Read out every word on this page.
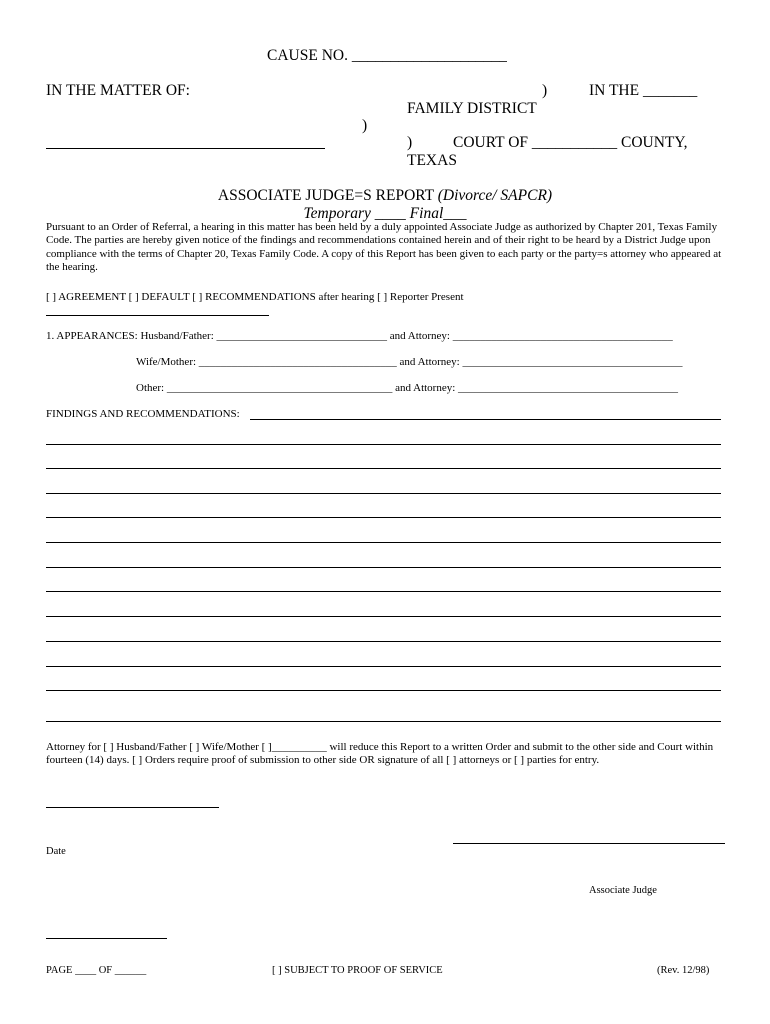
CAUSE NO. ____________________
IN THE MATTER OF:	)	IN THE _______
FAMILY DISTRICT
)
)	COURT OF ___________ COUNTY,
TEXAS
ASSOCIATE JUDGE=S REPORT (Divorce/ SAPCR)
Temporary ____ Final___
Pursuant to an Order of Referral, a hearing in this matter has been held by a duly appointed Associate Judge as authorized by Chapter 201, Texas Family Code. The parties are hereby given notice of the findings and recommendations contained herein and of their right to be heard by a District Judge upon compliance with the terms of Chapter 20, Texas Family Code. A copy of this Report has been given to each party or the party=s attorney who appeared at the hearing.
[ ] AGREEMENT [ ] DEFAULT [ ] RECOMMENDATIONS after hearing [ ] Reporter Present
1. APPEARANCES: Husband/Father: _______________________________ and Attorney: ________________________________________
Wife/Mother: ____________________________________ and Attorney: ________________________________________
Other: _________________________________________ and Attorney: ________________________________________
FINDINGS AND RECOMMENDATIONS:
Attorney for [ ] Husband/Father [ ] Wife/Mother [ ]__________ will reduce this Report to a written Order and submit to the other side and Court within fourteen (14) days. [ ] Orders require proof of submission to other side OR signature of all [ ] attorneys or [ ] parties for entry.
Date
Associate Judge
PAGE ____ OF ______	[ ] SUBJECT TO PROOF OF SERVICE	(Rev. 12/98)
